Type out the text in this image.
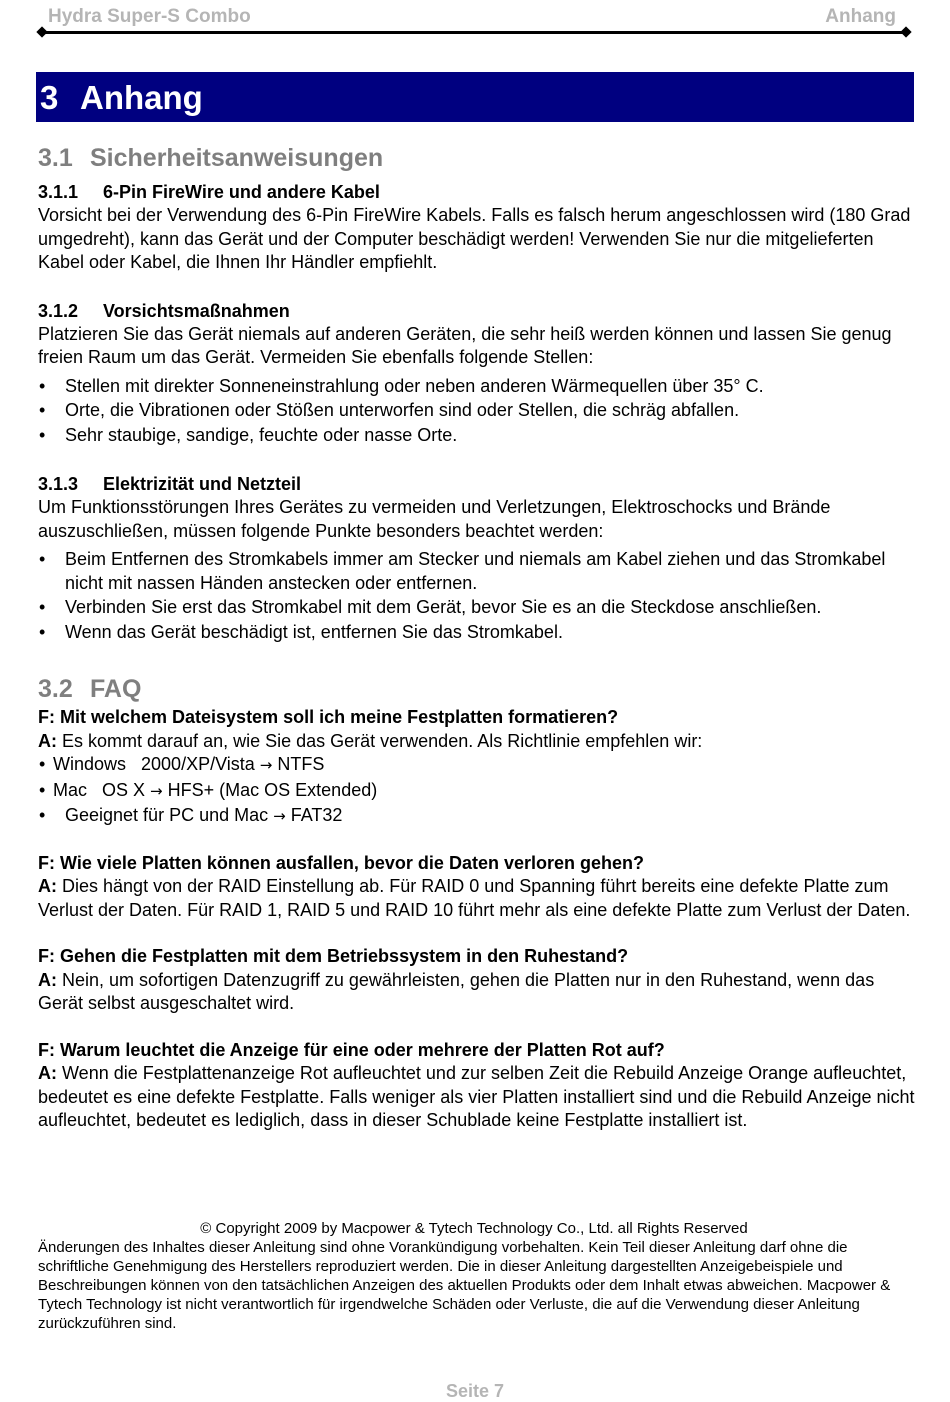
Hydra Super-S Combo	Anhang
3 Anhang
3.1 Sicherheitsanweisungen
3.1.1 6-Pin FireWire und andere Kabel

Vorsicht bei der Verwendung des 6-Pin FireWire Kabels. Falls es falsch herum angeschlossen wird (180 Grad umgedreht), kann das Gerät und der Computer beschädigt werden! Verwenden Sie nur die mitgelieferten Kabel oder Kabel, die Ihnen Ihr Händler empfiehlt.

3.1.2 Vorsichtsmaßnahmen

Platzieren Sie das Gerät niemals auf anderen Geräten, die sehr heiß werden können und lassen Sie genug freien Raum um das Gerät. Vermeiden Sie ebenfalls folgende Stellen:

• Stellen mit direkter Sonneneinstrahlung oder neben anderen Wärmequellen über 35° C.
• Orte, die Vibrationen oder Stößen unterworfen sind oder Stellen, die schräg abfallen.
• Sehr staubige, sandige, feuchte oder nasse Orte.
3.1.3 Elektrizität und Netzteil

Um Funktionsstörungen Ihres Gerätes zu vermeiden und Verletzungen, Elektroschocks und Brände auszuschließen, müssen folgende Punkte besonders beachtet werden:

• Beim Entfernen des Stromkabels immer am Stecker und niemals am Kabel ziehen und das Stromkabel nicht mit nassen Händen anstecken oder entfernen.
• Verbinden Sie erst das Stromkabel mit dem Gerät, bevor Sie es an die Steckdose anschließen.
• Wenn das Gerät beschädigt ist, entfernen Sie das Stromkabel.
3.2 FAQ

F: Mit welchem Dateisystem soll ich meine Festplatten formatieren?

A: Es kommt darauf an, wie Sie das Gerät verwenden. Als Richtlinie empfehlen wir:

• Windows   2000/XP/Vista → NTFS
• Mac   OS X → HFS+ (Mac OS Extended)
• Geeignet für PC und Mac → FAT32

F: Wie viele Platten können ausfallen, bevor die Daten verloren gehen?

A: Dies hängt von der RAID Einstellung ab. Für RAID 0 und Spanning führt bereits eine defekte Platte zum Verlust der Daten. Für RAID 1, RAID 5 und RAID 10 führt mehr als eine defekte Platte zum Verlust der Daten.

F: Gehen die Festplatten mit dem Betriebssystem in den Ruhestand?

A: Nein, um sofortigen Datenzugriff zu gewährleisten, gehen die Platten nur in den Ruhestand, wenn das Gerät selbst ausgeschaltet wird.

F: Warum leuchtet die Anzeige für eine oder mehrere der Platten Rot auf?

A: Wenn die Festplattenanzeige Rot aufleuchtet und zur selben Zeit die Rebuild Anzeige Orange aufleuchtet, bedeutet es eine defekte Festplatte. Falls weniger als vier Platten installiert sind und die Rebuild Anzeige nicht aufleuchtet, bedeutet es lediglich, dass in dieser Schublade keine Festplatte installiert ist.

© Copyright 2009 by Macpower & Tytech Technology Co., Ltd. all Rights Reserved
Änderungen des Inhaltes dieser Anleitung sind ohne Vorankündigung vorbehalten. Kein Teil dieser Anleitung darf ohne die schriftliche Genehmigung des Herstellers reproduziert werden. Die in dieser Anleitung dargestellten Anzeigebeispiele und Beschreibungen können von den tatsächlichen Anzeigen des aktuellen Produkts oder dem Inhalt etwas abweichen. Macpower & Tytech Technology ist nicht verantwortlich für irgendwelche Schäden oder Verluste, die auf die Verwendung dieser Anleitung zurückzuführen sind.
Seite 7
